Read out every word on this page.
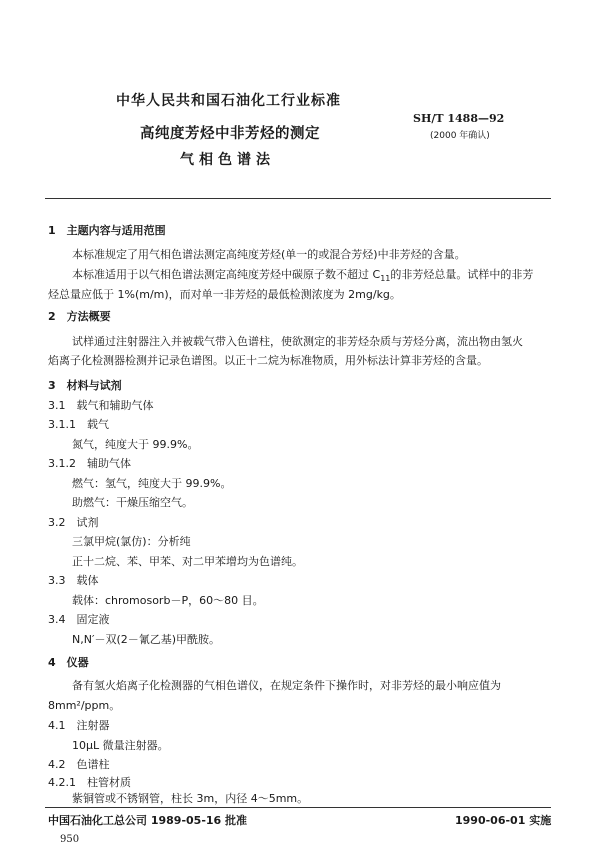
中华人民共和国石油化工行业标准
SH/T 1488—92
(2000 年确认)
高纯度芳烃中非芳烃的测定
气相色谱法
1　主题内容与适用范围
本标准规定了用气相色谱法测定高纯度芳烃(单一的或混合芳烃)中非芳烃的含量。
本标准适用于以气相色谱法测定高纯度芳烃中碳原子数不超过 $C_{11}$的非芳烃总量。试样中的非芳
烃总量应低于 1%(m/m)，而对单一非芳烃的最低检测浓度为 2mg/kg。
2　方法概要
试样通过注射器注入并被载气带入色谱柱，使欲测定的非芳烃杂质与芳烃分离，流出物由氢火
焰离子化检测器检测并记录色谱图。以正十二烷为标准物质，用外标法计算非芳烃的含量。
3　材料与试剂
3.1　载气和辅助气体
3.1.1　载气
氮气，纯度大于 99.9%。
3.1.2　辅助气体
燃气：氢气，纯度大于 99.9%。
助燃气：干燥压缩空气。
3.2　试剂
三氯甲烷(氯仿)：分析纯
正十二烷、苯、甲苯、对二甲苯增均为色谱纯。
3.3　载体
载体：chromosorb－P，60～80 目。
3.4　固定液
N,N′－双(2－氰乙基)甲酰胺。
4　仪器
备有氢火焰离子化检测器的气相色谱仪，在规定条件下操作时，对非芳烃的最小响应值为
8mm²/ppm。
4.1　注射器
10μL 微量注射器。
4.2　色谱柱
4.2.1　柱管材质
紫铜管或不锈钢管，柱长 3m，内径 4～5mm。
中国石油化工总公司 1989-05-16 批准	1990-06-01 实施
950
